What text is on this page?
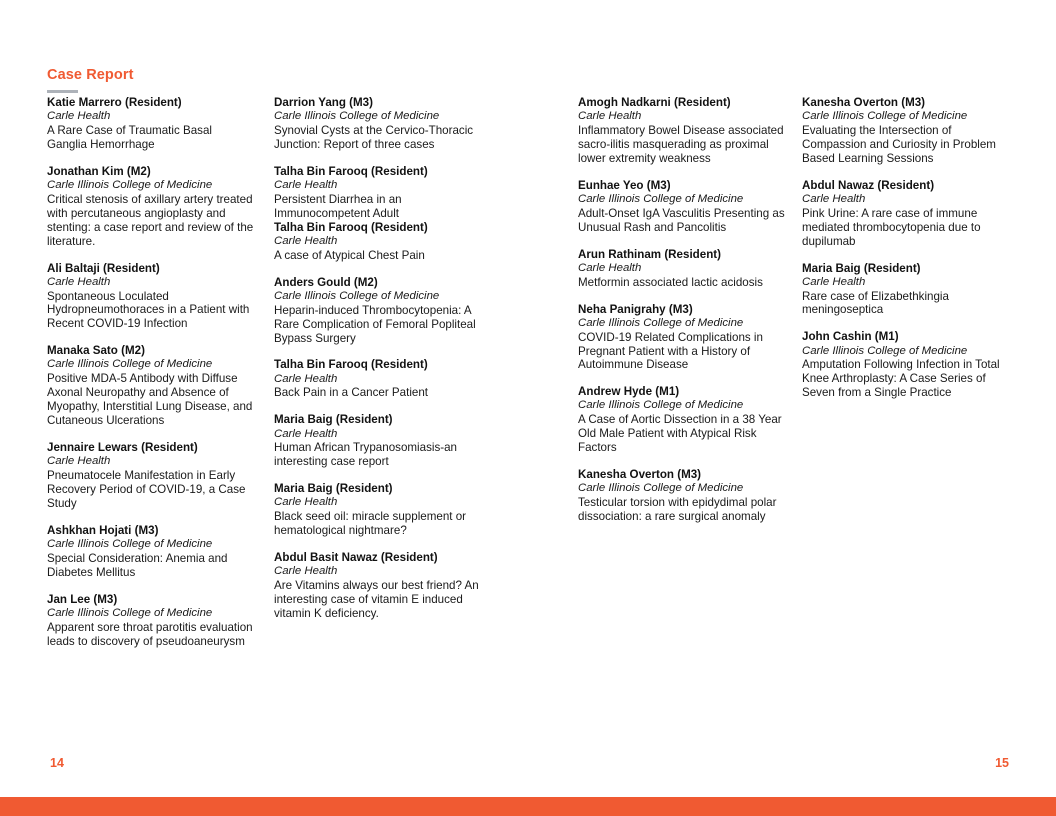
Case Report
Katie Marrero (Resident)
Carle Health
A Rare Case of Traumatic Basal Ganglia Hemorrhage
Jonathan Kim (M2)
Carle Illinois College of Medicine
Critical stenosis of axillary artery treated with percutaneous angioplasty and stenting: a case report and review of the literature.
Ali Baltaji (Resident)
Carle Health
Spontaneous Loculated Hydropneumothoraces in a Patient with Recent COVID-19 Infection
Manaka Sato (M2)
Carle Illinois College of Medicine
Positive MDA-5 Antibody with Diffuse Axonal Neuropathy and Absence of Myopathy, Interstitial Lung Disease, and Cutaneous Ulcerations
Jennaire Lewars (Resident)
Carle Health
Pneumatocele Manifestation in Early Recovery Period of COVID-19, a Case Study
Ashkhan Hojati (M3)
Carle Illinois College of Medicine
Special Consideration: Anemia and Diabetes Mellitus
Jan Lee (M3)
Carle Illinois College of Medicine
Apparent sore throat parotitis evaluation leads to discovery of pseudoaneurysm
Darrion Yang (M3)
Carle Illinois College of Medicine
Synovial Cysts at the Cervico-Thoracic Junction: Report of three cases
Talha Bin Farooq (Resident)
Carle Health
Persistent Diarrhea in an Immunocompetent Adult
Talha Bin Farooq (Resident)
Carle Health
A case of Atypical Chest Pain
Anders Gould (M2)
Carle Illinois College of Medicine
Heparin-induced Thrombocytopenia: A Rare Complication of Femoral Popliteal Bypass Surgery
Talha Bin Farooq (Resident)
Carle Health
Back Pain in a Cancer Patient
Maria Baig (Resident)
Carle Health
Human African Trypanosomiasis-an interesting case report
Maria Baig (Resident)
Carle Health
Black seed oil: miracle supplement or hematological nightmare?
Abdul Basit Nawaz (Resident)
Carle Health
Are Vitamins always our best friend? An interesting case of vitamin E induced vitamin K deficiency.
Amogh Nadkarni (Resident)
Carle Health
Inflammatory Bowel Disease associated sacro-ilitis masquerading as proximal lower extremity weakness
Eunhae Yeo (M3)
Carle Illinois College of Medicine
Adult-Onset IgA Vasculitis Presenting as Unusual Rash and Pancolitis
Arun Rathinam (Resident)
Carle Health
Metformin associated lactic acidosis
Neha Panigrahy (M3)
Carle Illinois College of Medicine
COVID-19 Related Complications in Pregnant Patient with a History of Autoimmune Disease
Andrew Hyde (M1)
Carle Illinois College of Medicine
A Case of Aortic Dissection in a 38 Year Old Male Patient with Atypical Risk Factors
Kanesha Overton (M3)
Carle Illinois College of Medicine
Testicular torsion with epidydimal polar dissociation: a rare surgical anomaly
Kanesha Overton (M3)
Carle Illinois College of Medicine
Evaluating the Intersection of Compassion and Curiosity in Problem Based Learning Sessions
Abdul Nawaz (Resident)
Carle Health
Pink Urine: A rare case of immune mediated thrombocytopenia due to dupilumab
Maria Baig (Resident)
Carle Health
Rare case of Elizabethkingia meningoseptica
John Cashin (M1)
Carle Illinois College of Medicine
Amputation Following Infection in Total Knee Arthroplasty: A Case Series of Seven from a Single Practice
14	15
